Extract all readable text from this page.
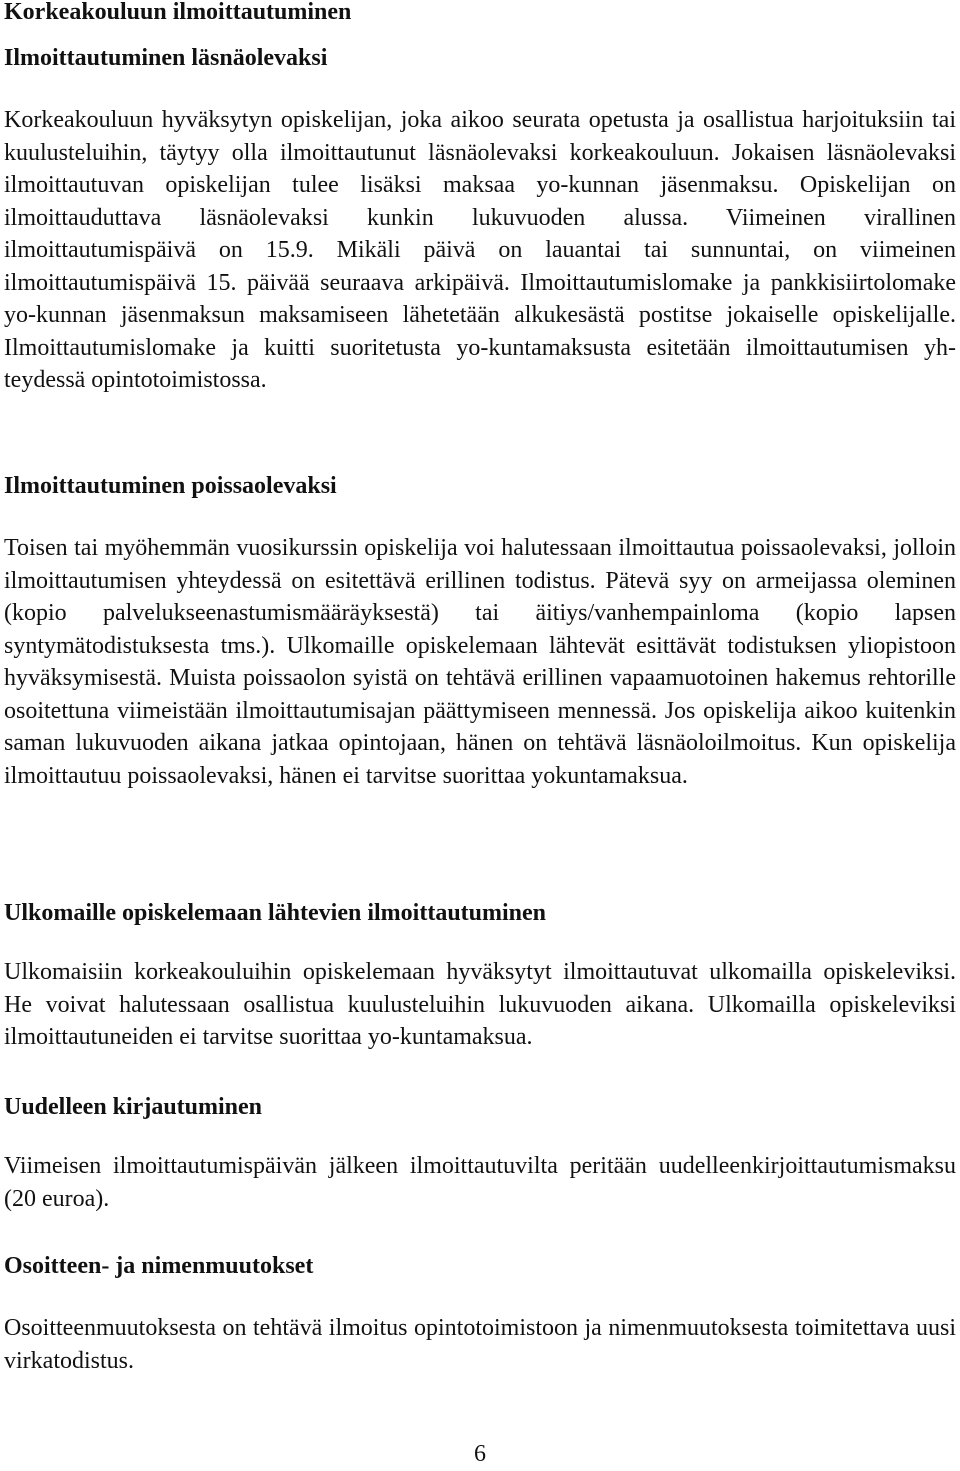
Korkeakouluun ilmoittautuminen
Ilmoittautuminen läsnäolevaksi

Korkeakouluun hyväksytyn opiskelijan, joka aikoo seurata opetusta ja osallistua harjoituksiin tai kuulusteluihin, täytyy olla ilmoittautunut läsnäolevaksi korkeakouluun. Jokaisen läsnäolevaksi ilmoittautuvan opiskelijan tulee lisäksi maksaa yo-kunnan jäsenmaksu. Opiskelijan on ilmoittauduttava läsnäolevaksi kunkin lukuvuoden alussa. Viimeinen virallinen ilmoittautumispäivä on 15.9. Mikäli päivä on lauantai tai sunnuntai, on viimeinen ilmoittautumispäivä 15. päivää seuraava arkipäivä. Ilmoittautumislomake ja pankkisiirtolomake yo-kunnan jäsenmaksun maksamiseen lähetetään alkukesästä postitse jokaiselle opiskelijalle. Ilmoittautumislomake ja kuitti suoritetusta yo-kuntamaksusta esitetään ilmoittautumisen yhteydessä opintotoimistossa.

Ilmoittautuminen poissaolevaksi

Toisen tai myöhemmän vuosikurssin opiskelija voi halutessaan ilmoittautua poissaolevaksi, jolloin ilmoittautumisen yhteydessä on esitettävä erillinen todistus. Pätevä syy on armeijassa oleminen (kopio palvelukseenastumismääräyksestä) tai äitiys/vanhempainloma (kopio lapsen syntymätodistuksesta tms.). Ulkomaille opiskelemaan lähtevät esittävät todistuksen yliopistoon hyväksymisestä. Muista poissaolon syistä on tehtävä erillinen vapaamuotoinen hakemus rehtorille osoitettuna viimeistään ilmoittautumisajan päättymiseen mennessä. Jos opiskelija aikoo kuitenkin saman lukuvuoden aikana jatkaa opintojaan, hänen on tehtävä läsnäoloilmoitus. Kun opiskelija ilmoittautuu poissaolevaksi, hänen ei tarvitse suorittaa yokuntamaksua.

Ulkomaille opiskelemaan lähtevien ilmoittautuminen

Ulkomaisiin korkeakouluihin opiskelemaan hyväksytyt ilmoittautuvat ulkomailla opiskeleviksi. He voivat halutessaan osallistua kuulusteluihin lukuvuoden aikana. Ulkomailla opiskeleviksi ilmoittautuneiden ei tarvitse suorittaa yo-kuntamaksua.

Uudelleen kirjautuminen

Viimeisen ilmoittautumispäivän jälkeen ilmoittautuvilta peritään uudelleenkirjoittautumismaksu (20 euroa).

Osoitteen- ja nimenmuutokset

Osoitteenmuutoksesta on tehtävä ilmoitus opintotoimistoon ja nimenmuutoksesta toimitettava uusi virkatodistus.

6
